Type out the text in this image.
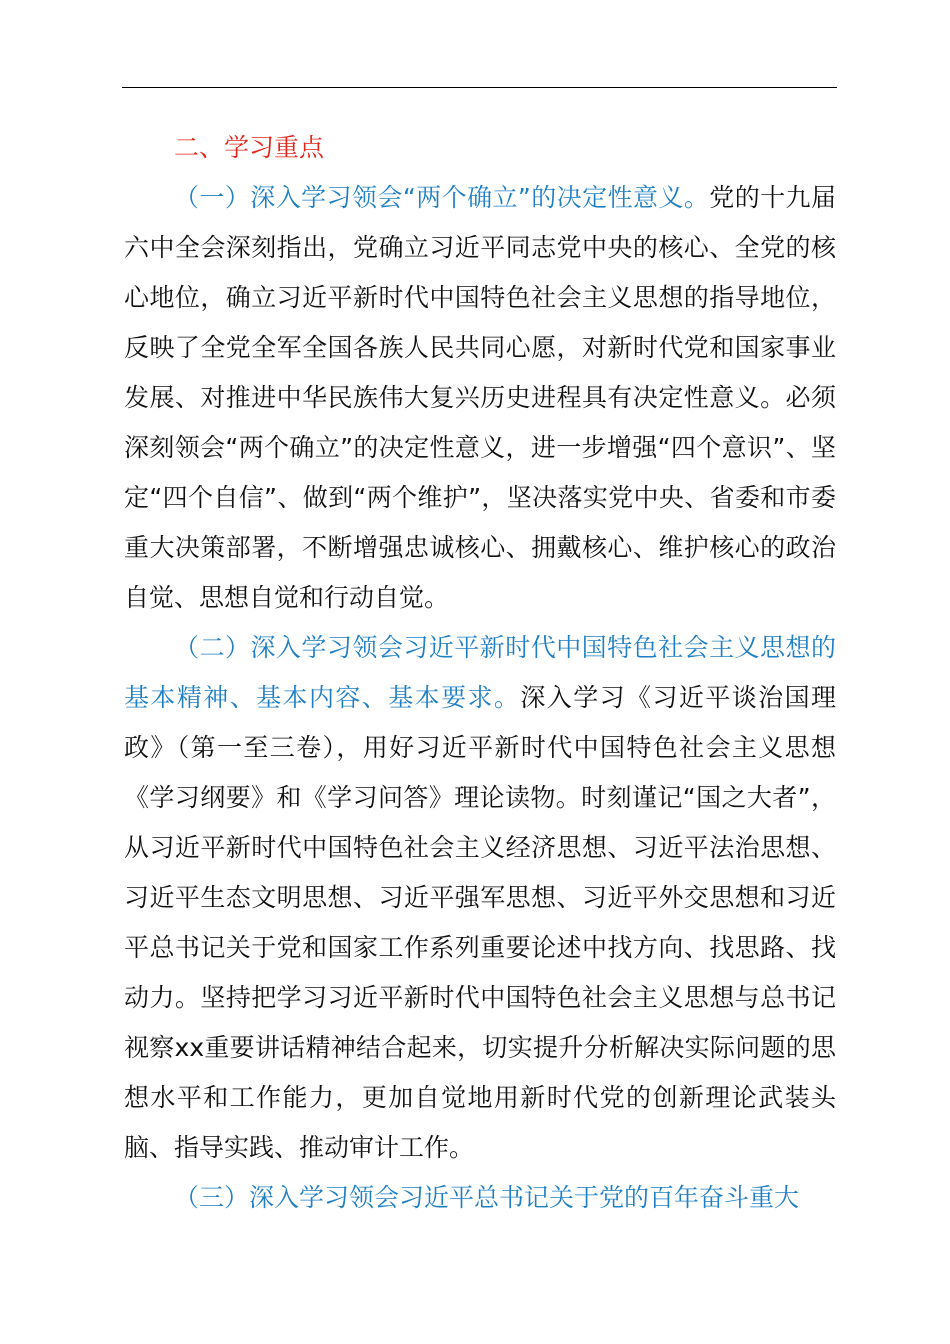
二、学习重点

（一）深入学习领会“两个确立”的决定性意义。党的十九届六中全会深刻指出，党确立习近平同志党中央的核心、全党的核心地位，确立习近平新时代中国特色社会主义思想的指导地位，反映了全党全军全国各族人民共同心愿，对新时代党和国家事业发展、对推进中华民族伟大复兴历史进程具有决定性意义。必须深刻领会“两个确立”的决定性意义，进一步增强“四个意识”、坚定“四个自信”、做到“两个维护”，坚决落实党中央、省委和市委重大决策部署，不断增强忠诚核心、拥戴核心、维护核心的政治自觉、思想自觉和行动自觉。

（二）深入学习领会习近平新时代中国特色社会主义思想的基本精神、基本内容、基本要求。深入学习《习近平谈治国理政》（第一至三卷），用好习近平新时代中国特色社会主义思想《学习纲要》和《学习问答》理论读物。时刻谨记“国之大者”，从习近平新时代中国特色社会主义经济思想、习近平法治思想、习近平生态文明思想、习近平强军思想、习近平外交思想和习近平总书记关于党和国家工作系列重要论述中找方向、找思路、找动力。坚持把学习习近平新时代中国特色社会主义思想与总书记视察xx重要讲话精神结合起来，切实提升分析解决实际问题的思想水平和工作能力，更加自觉地用新时代党的创新理论武装头脑、指导实践、推动审计工作。

（三）深入学习领会习近平总书记关于党的百年奋斗重大
